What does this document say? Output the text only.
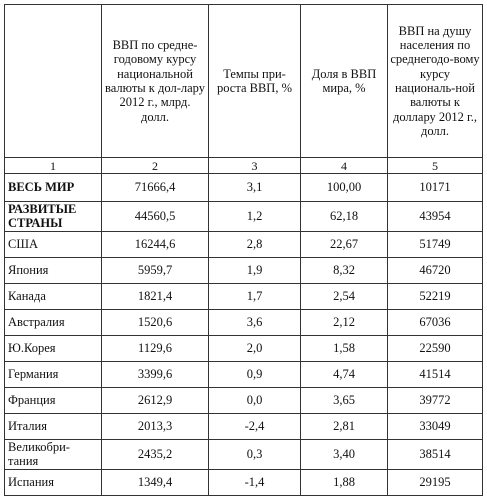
	ВВП по средне-годовому курсу национальной валюты к дол-лару 2012 г., млрд. долл.	Темпы при-роста ВВП, %	Доля в ВВП мира, %	ВВП на душу населения по среднегодо-вому курсу националь-ной валюты к доллару 2012 г., долл.

1	2	3	4	5
ВЕСЬ МИР	71666,4	3,1	100,00	10171
РАЗВИТЫЕ СТРАНЫ	44560,5	1,2	62,18	43954
США	16244,6	2,8	22,67	51749
Япония	5959,7	1,9	8,32	46720
Канада	1821,4	1,7	2,54	52219
Австралия	1520,6	3,6	2,12	67036
Ю.Корея	1129,6	2,0	1,58	22590
Германия	3399,6	0,9	4,74	41514
Франция	2612,9	0,0	3,65	39772
Италия	2013,3	-2,4	2,81	33049
Великобри-тания	2435,2	0,3	3,40	38514
Испания	1349,4	-1,4	1,88	29195
